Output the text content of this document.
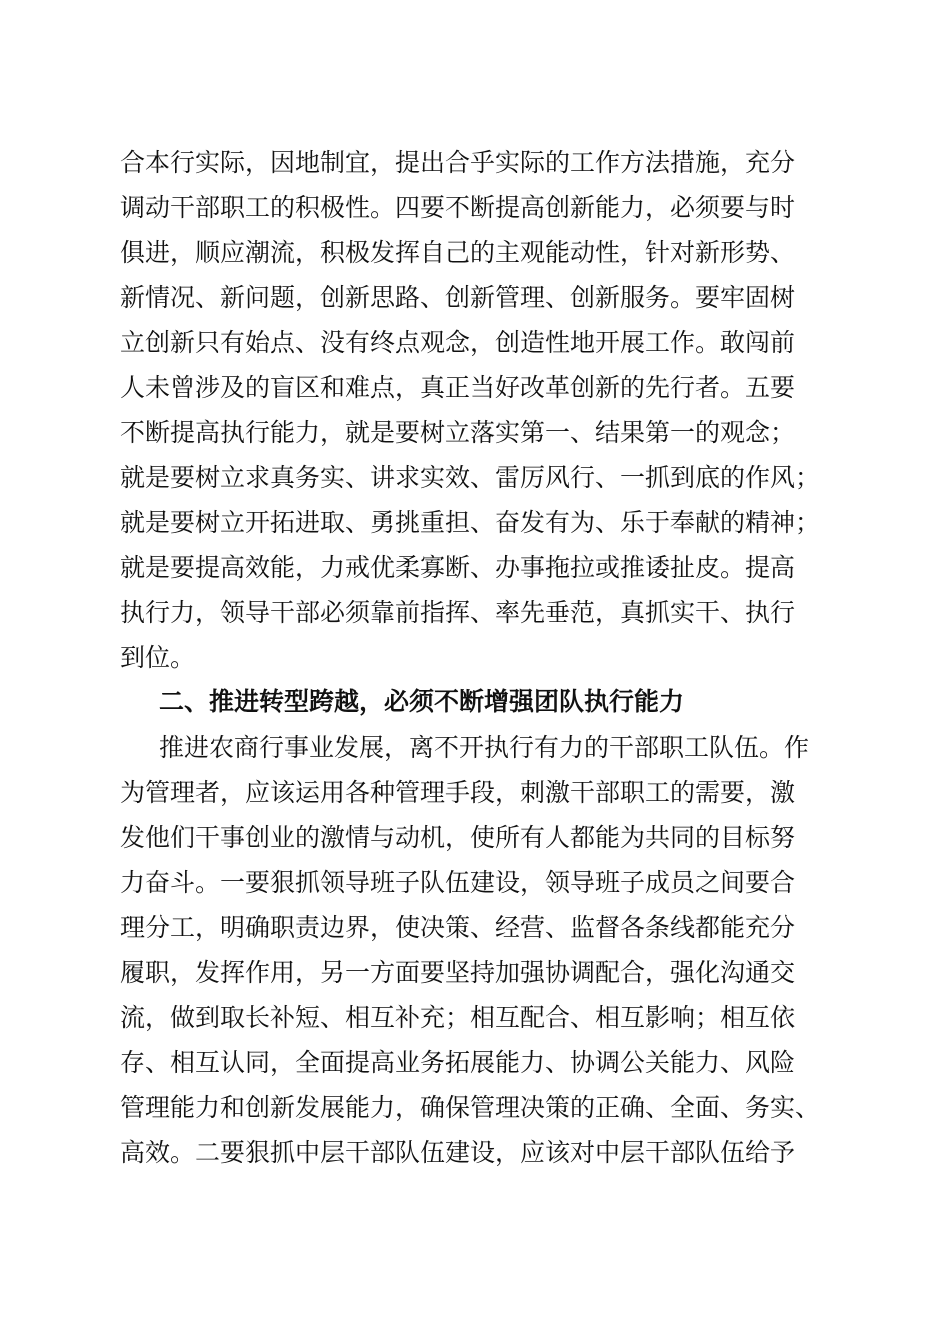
合本行实际，因地制宜，提出合乎实际的工作方法措施，充分
调动干部职工的积极性。四要不断提高创新能力，必须要与时
俱进，顺应潮流，积极发挥自己的主观能动性，针对新形势、
新情况、新问题，创新思路、创新管理、创新服务。要牢固树
立创新只有始点、没有终点观念，创造性地开展工作。敢闯前
人未曾涉及的盲区和难点，真正当好改革创新的先行者。五要
不断提高执行能力，就是要树立落实第一、结果第一的观念；
就是要树立求真务实、讲求实效、雷厉风行、一抓到底的作风；
就是要树立开拓进取、勇挑重担、奋发有为、乐于奉献的精神；
就是要提高效能，力戒优柔寡断、办事拖拉或推诿扯皮。提高
执行力，领导干部必须靠前指挥、率先垂范，真抓实干、执行
到位。
二、推进转型跨越，必须不断增强团队执行能力
推进农商行事业发展，离不开执行有力的干部职工队伍。作
为管理者，应该运用各种管理手段，刺激干部职工的需要，激
发他们干事创业的激情与动机，使所有人都能为共同的目标努
力奋斗。一要狠抓领导班子队伍建设，领导班子成员之间要合
理分工，明确职责边界，使决策、经营、监督各条线都能充分
履职，发挥作用，另一方面要坚持加强协调配合，强化沟通交
流，做到取长补短、相互补充；相互配合、相互影响；相互依
存、相互认同，全面提高业务拓展能力、协调公关能力、风险
管理能力和创新发展能力，确保管理决策的正确、全面、务实、
高效。二要狠抓中层干部队伍建设，应该对中层干部队伍给予
